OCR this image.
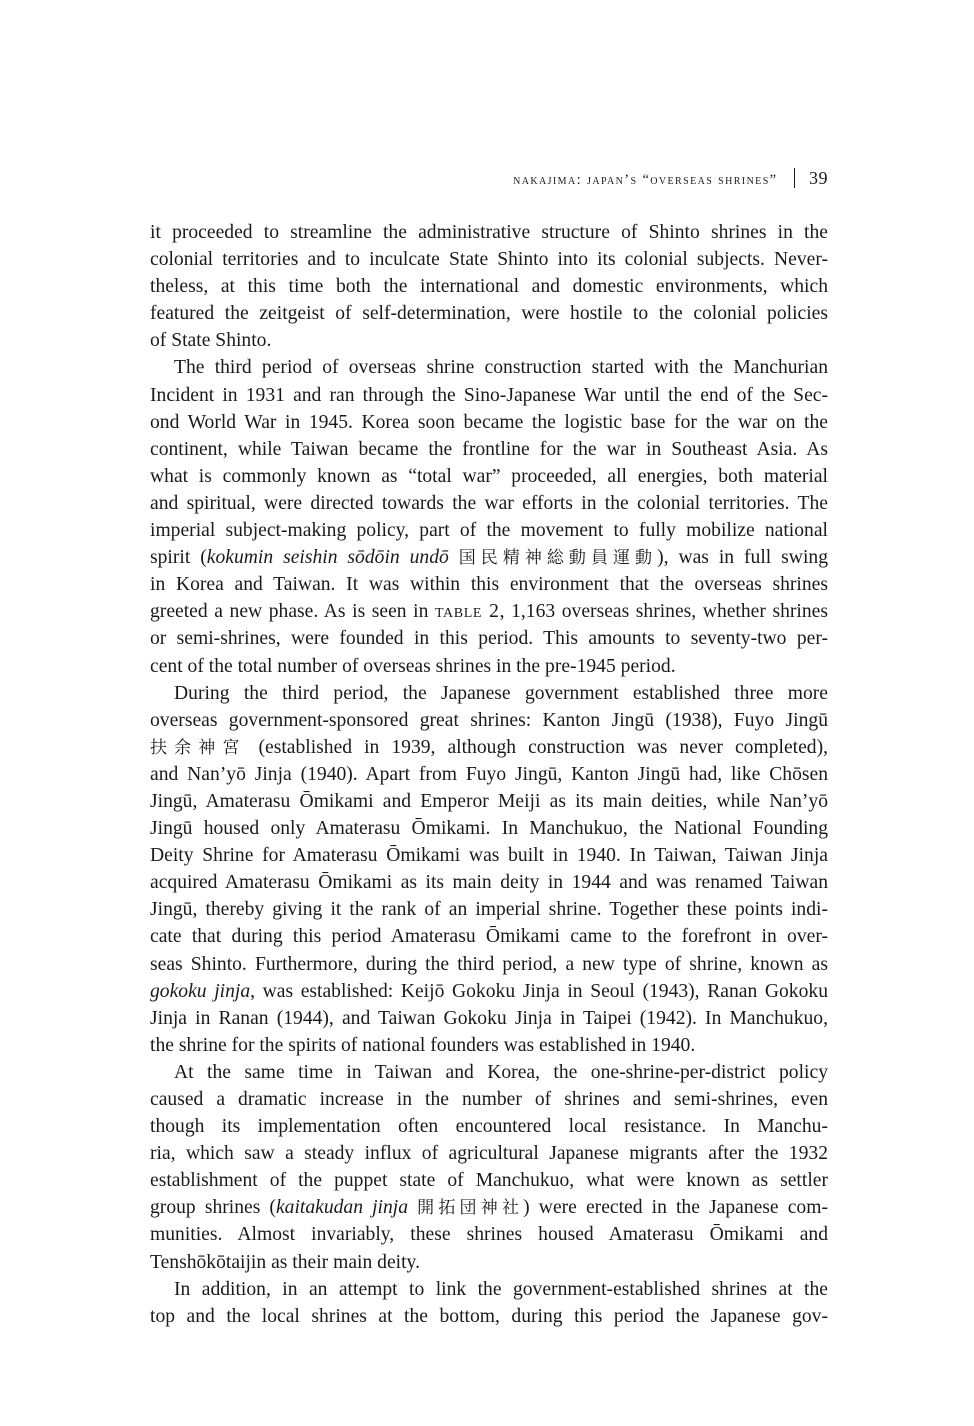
nakajima: japan’s “overseas shrines” 39
it proceeded to streamline the administrative structure of Shinto shrines in the
colonial territories and to inculcate State Shinto into its colonial subjects. Never-
theless, at this time both the international and domestic environments, which
featured the zeitgeist of self-determination, were hostile to the colonial policies
of State Shinto.
The third period of overseas shrine construction started with the Manchurian
Incident in 1931 and ran through the Sino-Japanese War until the end of the Sec-
ond World War in 1945. Korea soon became the logistic base for the war on the
continent, while Taiwan became the frontline for the war in Southeast Asia. As
what is commonly known as “total war” proceeded, all energies, both material
and spiritual, were directed towards the war efforts in the colonial territories. The
imperial subject-making policy, part of the movement to fully mobilize national
spirit (kokumin seishin sōdōin undō 国民精神総動員運動), was in full swing
in Korea and Taiwan. It was within this environment that the overseas shrines
greeted a new phase. As is seen in table 2, 1,163 overseas shrines, whether shrines
or semi-shrines, were founded in this period. This amounts to seventy-two per-
cent of the total number of overseas shrines in the pre-1945 period.
During the third period, the Japanese government established three more
overseas government-sponsored great shrines: Kanton Jingū (1938), Fuyo Jingū
扶余神宮 (established in 1939, although construction was never completed),
and Nan’yō Jinja (1940). Apart from Fuyo Jingū, Kanton Jingū had, like Chōsen
Jingū, Amaterasu Ōmikami and Emperor Meiji as its main deities, while Nan’yō
Jingū housed only Amaterasu Ōmikami. In Manchukuo, the National Founding
Deity Shrine for Amaterasu Ōmikami was built in 1940. In Taiwan, Taiwan Jinja
acquired Amaterasu Ōmikami as its main deity in 1944 and was renamed Taiwan
Jingū, thereby giving it the rank of an imperial shrine. Together these points indi-
cate that during this period Amaterasu Ōmikami came to the forefront in over-
seas Shinto. Furthermore, during the third period, a new type of shrine, known as
gokoku jinja, was established: Keijō Gokoku Jinja in Seoul (1943), Ranan Gokoku
Jinja in Ranan (1944), and Taiwan Gokoku Jinja in Taipei (1942). In Manchukuo,
the shrine for the spirits of national founders was established in 1940.
At the same time in Taiwan and Korea, the one-shrine-per-district policy
caused a dramatic increase in the number of shrines and semi-shrines, even
though its implementation often encountered local resistance. In Manchu-
ria, which saw a steady influx of agricultural Japanese migrants after the 1932
establishment of the puppet state of Manchukuo, what were known as settler
group shrines (kaitakudan jinja 開拓団神社) were erected in the Japanese com-
munities. Almost invariably, these shrines housed Amaterasu Ōmikami and
Tenshōkōtaijin as their main deity.
In addition, in an attempt to link the government-established shrines at the
top and the local shrines at the bottom, during this period the Japanese gov-
